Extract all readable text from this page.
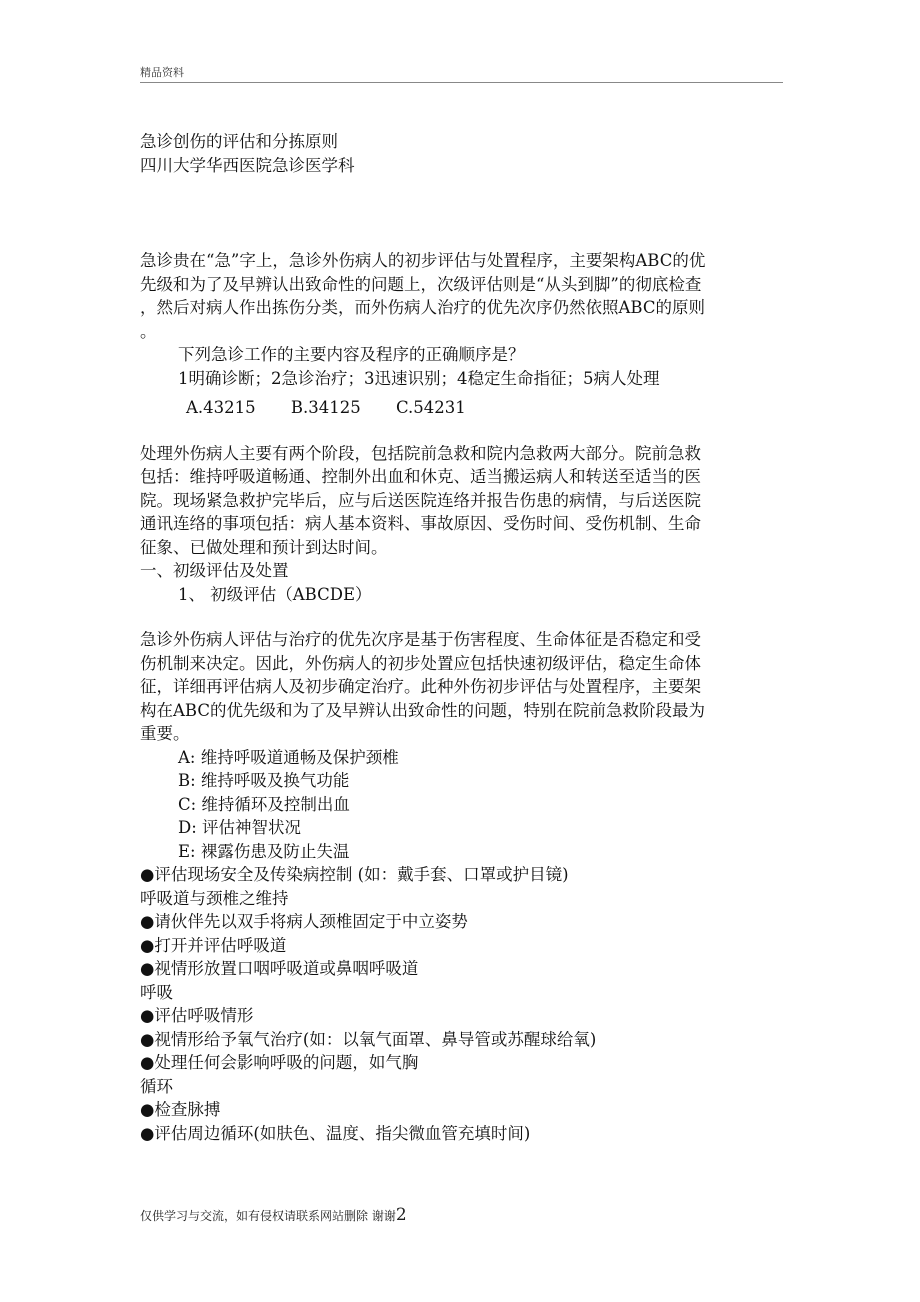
精品资料
急诊创伤的评估和分拣原则
四川大学华西医院急诊医学科
急诊贵在“急”字上，急诊外伤病人的初步评估与处置程序，主要架构ABC的优
先级和为了及早辨认出致命性的问题上，次级评估则是“从头到脚”的彻底检查
，然后对病人作出拣伤分类，而外伤病人治疗的优先次序仍然依照ABC的原则
。
下列急诊工作的主要内容及程序的正确顺序是？
1明确诊断；2急诊治疗；3迅速识别；4稳定生命指征；5病人处理
A.43215 B.34125 C.54231
处理外伤病人主要有两个阶段，包括院前急救和院内急救两大部分。院前急救
包括：维持呼吸道畅通、控制外出血和休克、适当搬运病人和转送至适当的医
院。现场紧急救护完毕后，应与后送医院连络并报告伤患的病情，与后送医院
通讯连络的事项包括：病人基本资料、事故原因、受伤时间、受伤机制、生命
征象、已做处理和预计到达时间。
一、初级评估及处置
1、 初级评估（ABCDE）
急诊外伤病人评估与治疗的优先次序是基于伤害程度、生命体征是否稳定和受
伤机制来决定。因此，外伤病人的初步处置应包括快速初级评估，稳定生命体
征，详细再评估病人及初步确定治疗。此种外伤初步评估与处置程序，主要架
构在ABC的优先级和为了及早辨认出致命性的问题，特别在院前急救阶段最为
重要。
A: 维持呼吸道通畅及保护颈椎
B: 维持呼吸及换气功能
C: 维持循环及控制出血
D: 评估神智状况
E: 裸露伤患及防止失温
●评估现场安全及传染病控制 (如：戴手套、口罩或护目镜)
呼吸道与颈椎之维持
●请伙伴先以双手将病人颈椎固定于中立姿势
●打开并评估呼吸道
●视情形放置口咽呼吸道或鼻咽呼吸道
呼吸
●评估呼吸情形
●视情形给予氧气治疗(如：以氧气面罩、鼻导管或苏醒球给氧)
●处理任何会影响呼吸的问题，如气胸
循环
●检查脉搏
●评估周边循环(如肤色、温度、指尖微血管充填时间)
仅供学习与交流，如有侵权请联系网站删除 谢谢2
